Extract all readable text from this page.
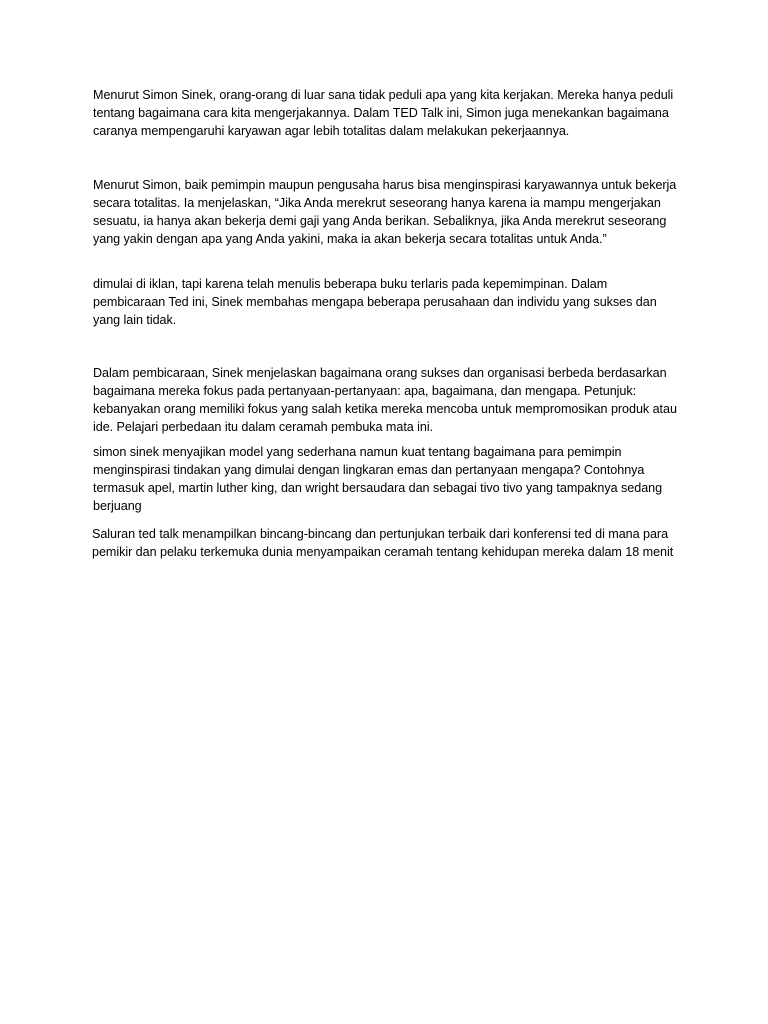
Menurut Simon Sinek, orang-orang di luar sana tidak peduli apa yang kita kerjakan. Mereka hanya peduli tentang bagaimana cara kita mengerjakannya. Dalam TED Talk ini, Simon juga menekankan bagaimana caranya mempengaruhi karyawan agar lebih totalitas dalam melakukan pekerjaannya.

Menurut Simon, baik pemimpin maupun pengusaha harus bisa menginspirasi karyawannya untuk bekerja secara totalitas. Ia menjelaskan, “Jika Anda merekrut seseorang hanya karena ia mampu mengerjakan sesuatu, ia hanya akan bekerja demi gaji yang Anda berikan. Sebaliknya, jika Anda merekrut seseorang yang yakin dengan apa yang Anda yakini, maka ia akan bekerja secara totalitas untuk Anda.”

dimulai di iklan, tapi karena telah menulis beberapa buku terlaris pada kepemimpinan. Dalam pembicaraan Ted ini, Sinek membahas mengapa beberapa perusahaan dan individu yang sukses dan yang lain tidak.

Dalam pembicaraan, Sinek menjelaskan bagaimana orang sukses dan organisasi berbeda berdasarkan bagaimana mereka fokus pada pertanyaan-pertanyaan: apa, bagaimana, dan mengapa. Petunjuk: kebanyakan orang memiliki fokus yang salah ketika mereka mencoba untuk mempromosikan produk atau ide. Pelajari perbedaan itu dalam ceramah pembuka mata ini.

simon sinek menyajikan model yang sederhana namun kuat tentang bagaimana para pemimpin menginspirasi tindakan yang dimulai dengan lingkaran emas dan pertanyaan mengapa? Contohnya termasuk apel, martin luther king, dan wright bersaudara dan sebagai tivo tivo yang tampaknya sedang berjuang

Saluran ted talk menampilkan bincang-bincang dan pertunjukan terbaik dari konferensi ted di mana para pemikir dan pelaku terkemuka dunia menyampaikan ceramah tentang kehidupan mereka dalam 18 menit
